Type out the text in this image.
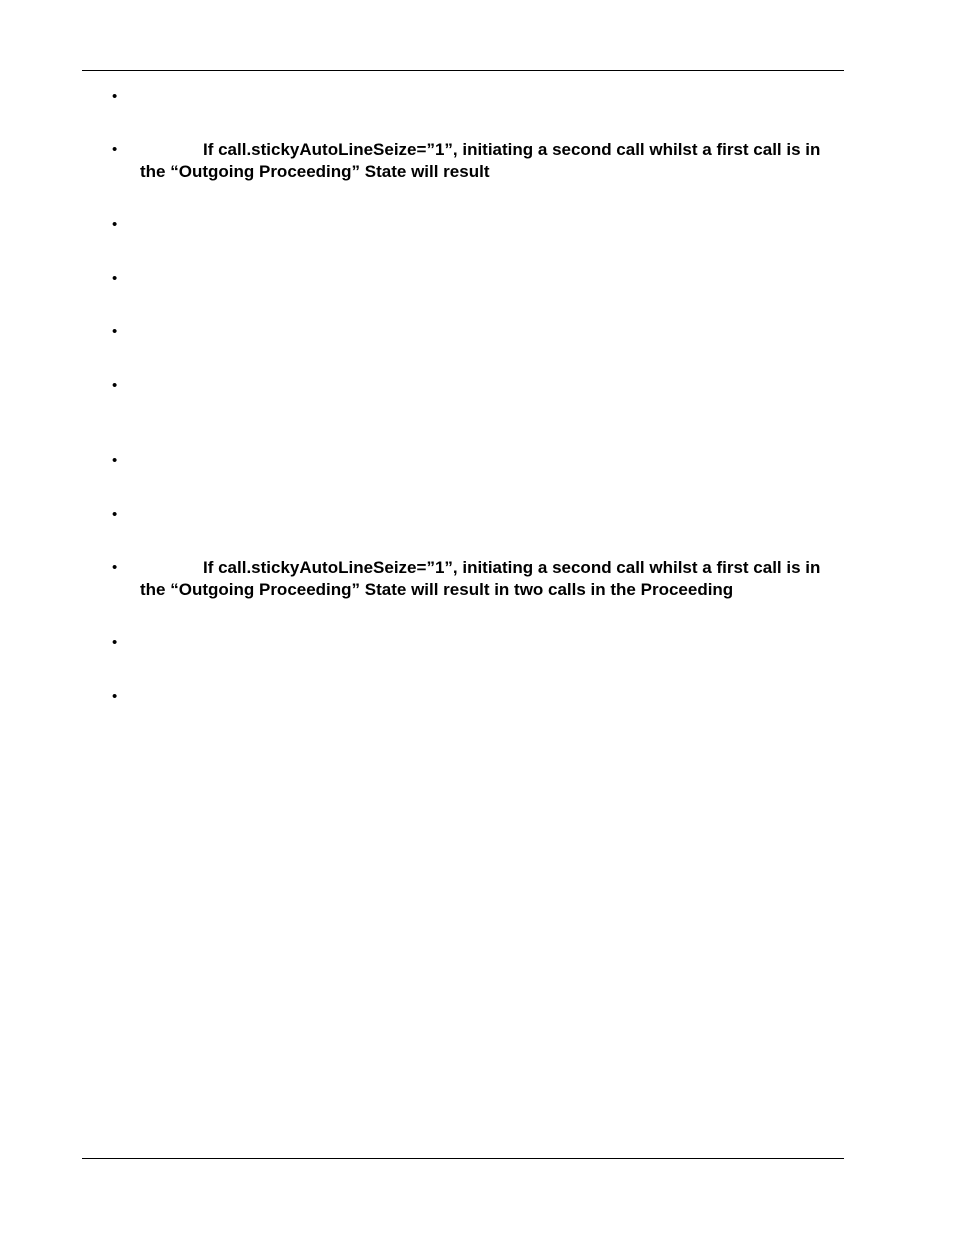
•
•	If call.stickyAutoLineSeize=”1”, initiating a second call whilst a first call is in the “Outgoing Proceeding” State will result
•
•
•
•
•
•
•	If call.stickyAutoLineSeize=”1”, initiating a second call whilst a first call is in the “Outgoing Proceeding” State will result in two calls in the Proceeding
•
•
